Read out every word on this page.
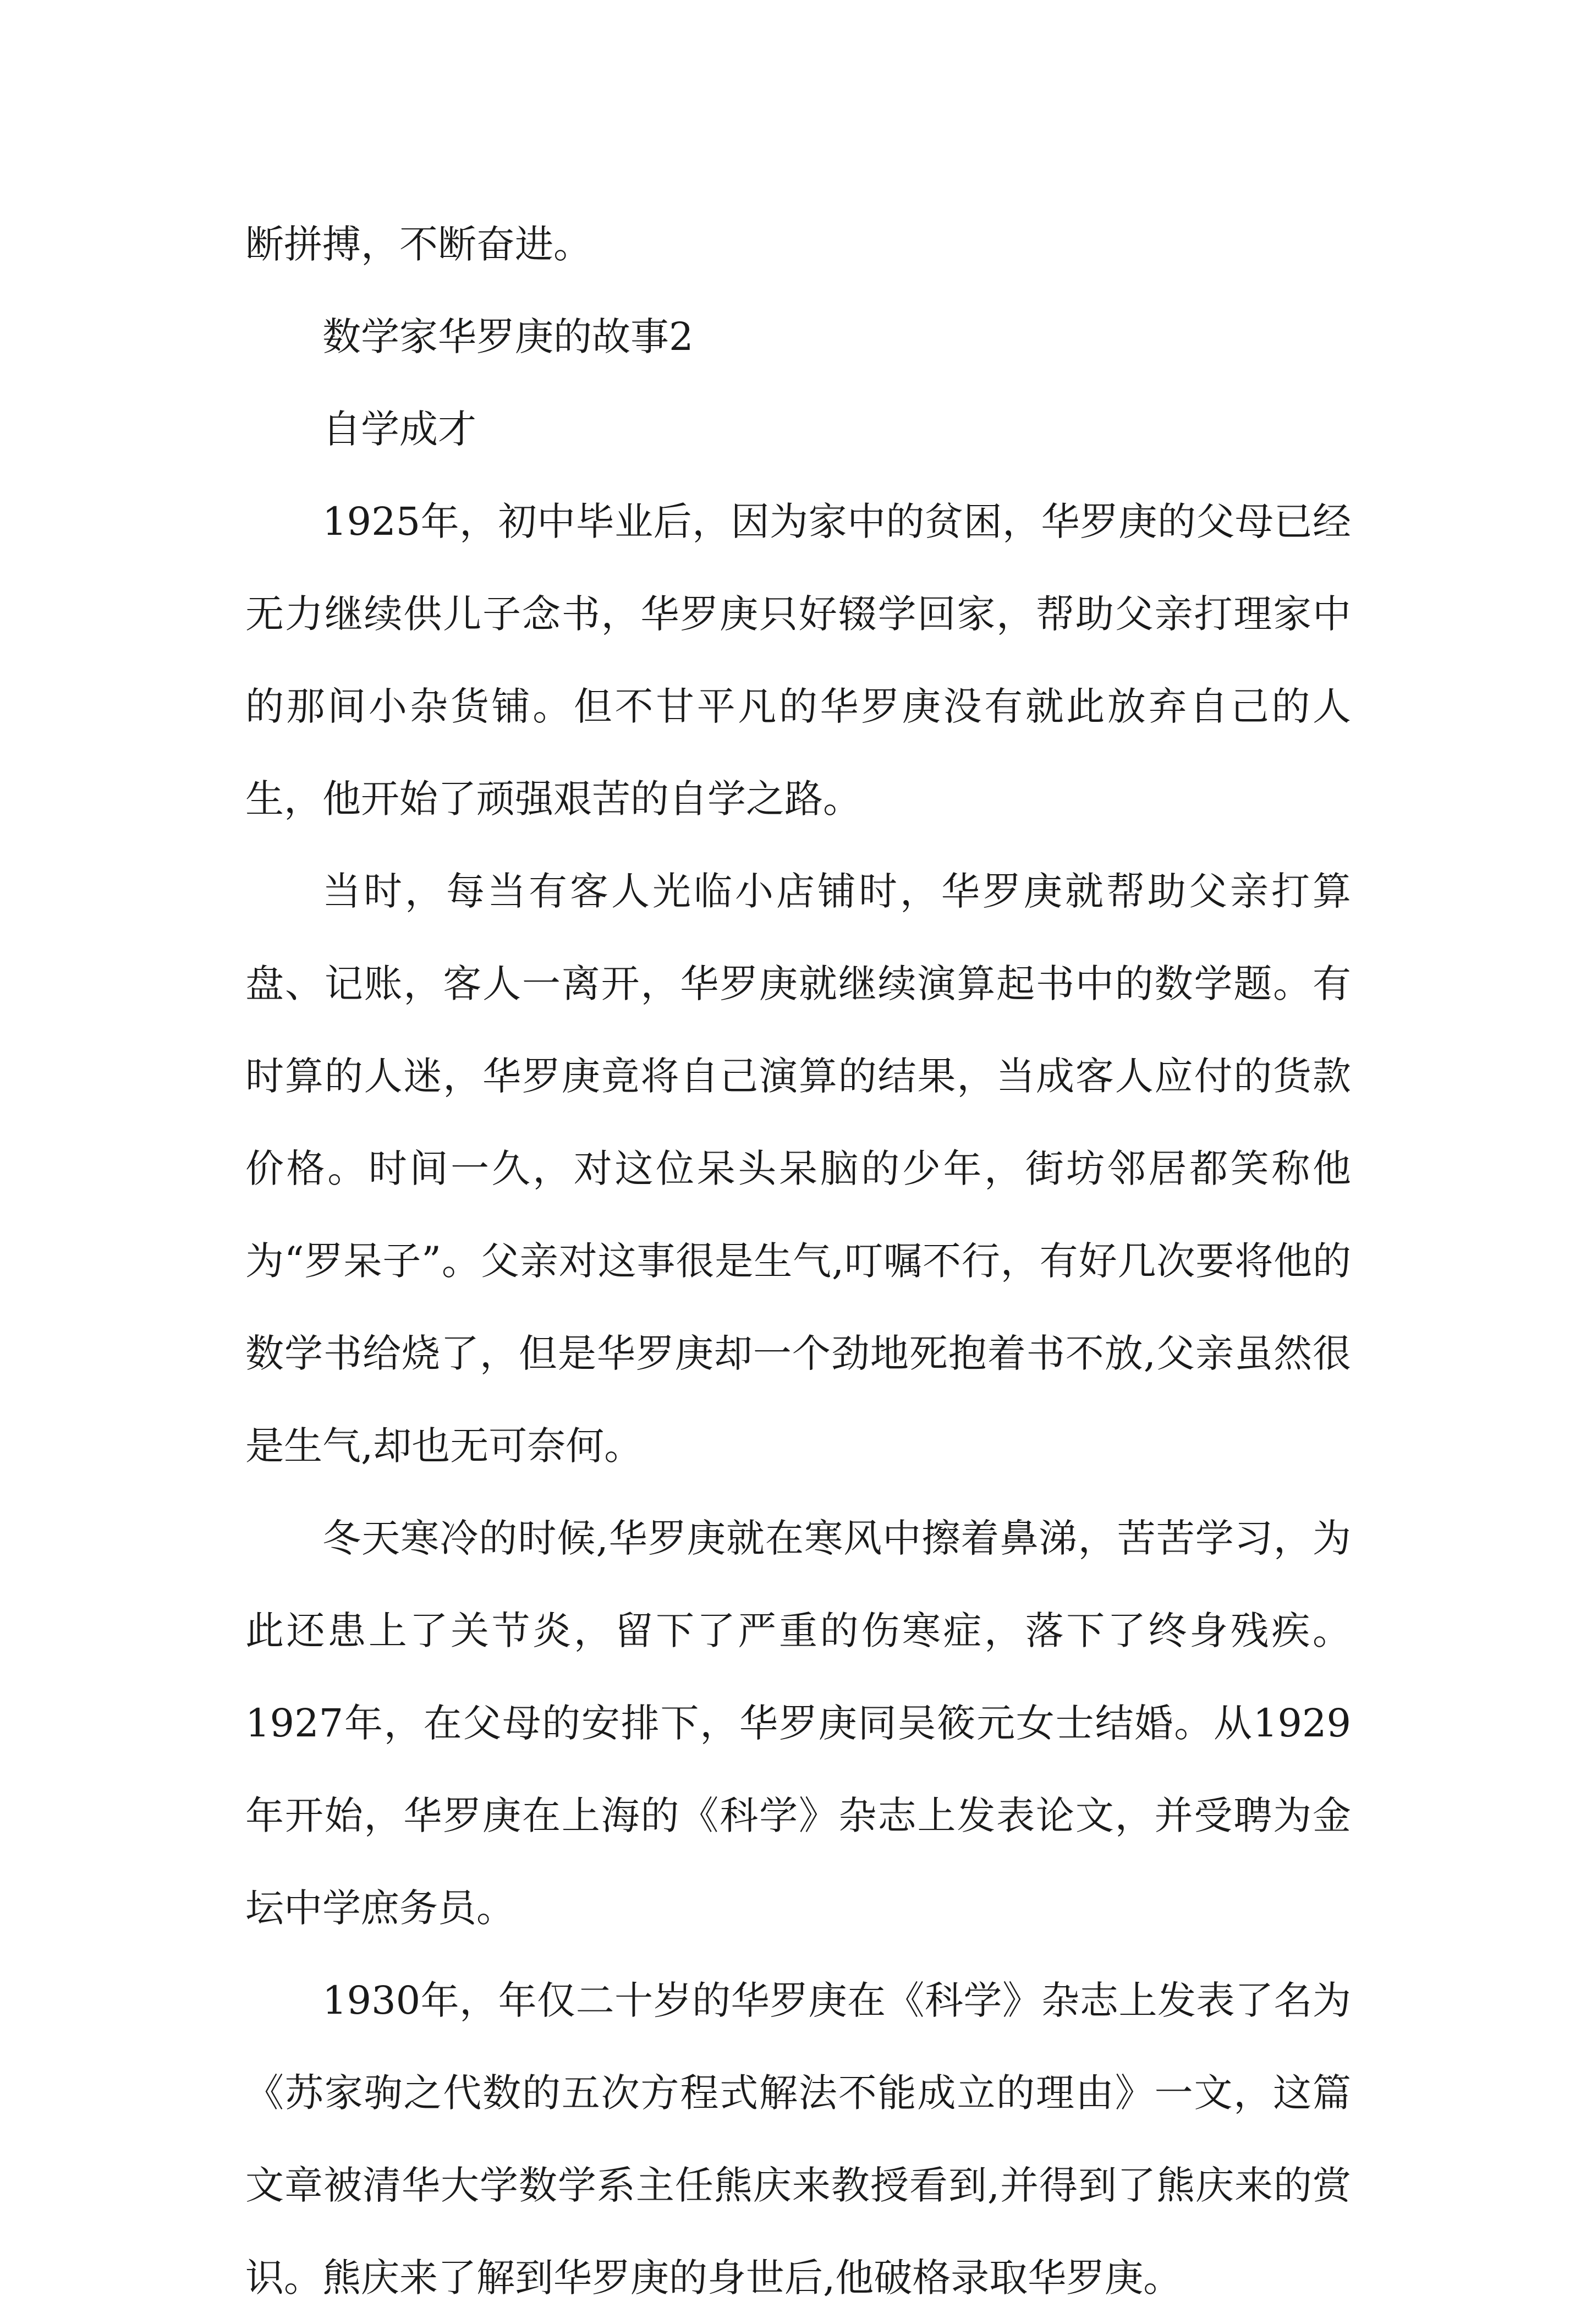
断拼搏，不断奋进。

数学家华罗庚的故事2

自学成才

1925年，初中毕业后，因为家中的贫困，华罗庚的父母已经无力继续供儿子念书，华罗庚只好辍学回家，帮助父亲打理家中的那间小杂货铺。但不甘平凡的华罗庚没有就此放弃自己的人生，他开始了顽强艰苦的自学之路。

当时，每当有客人光临小店铺时，华罗庚就帮助父亲打算盘、记账，客人一离开，华罗庚就继续演算起书中的数学题。有时算的人迷，华罗庚竟将自己演算的结果，当成客人应付的货款价格。时间一久，对这位呆头呆脑的少年，街坊邻居都笑称他为“罗呆子”。父亲对这事很是生气,叮嘱不行，有好几次要将他的数学书给烧了，但是华罗庚却一个劲地死抱着书不放,父亲虽然很是生气,却也无可奈何。

冬天寒冷的时候,华罗庚就在寒风中擦着鼻涕，苦苦学习，为此还患上了关节炎，留下了严重的伤寒症，落下了终身残疾。1927年，在父母的安排下，华罗庚同吴筱元女士结婚。从1929年开始，华罗庚在上海的《科学》杂志上发表论文，并受聘为金坛中学庶务员。

1930年，年仅二十岁的华罗庚在《科学》杂志上发表了名为《苏家驹之代数的五次方程式解法不能成立的理由》一文，这篇文章被清华大学数学系主任熊庆来教授看到,并得到了熊庆来的赏识。熊庆来了解到华罗庚的身世后,他破格录取华罗庚。
